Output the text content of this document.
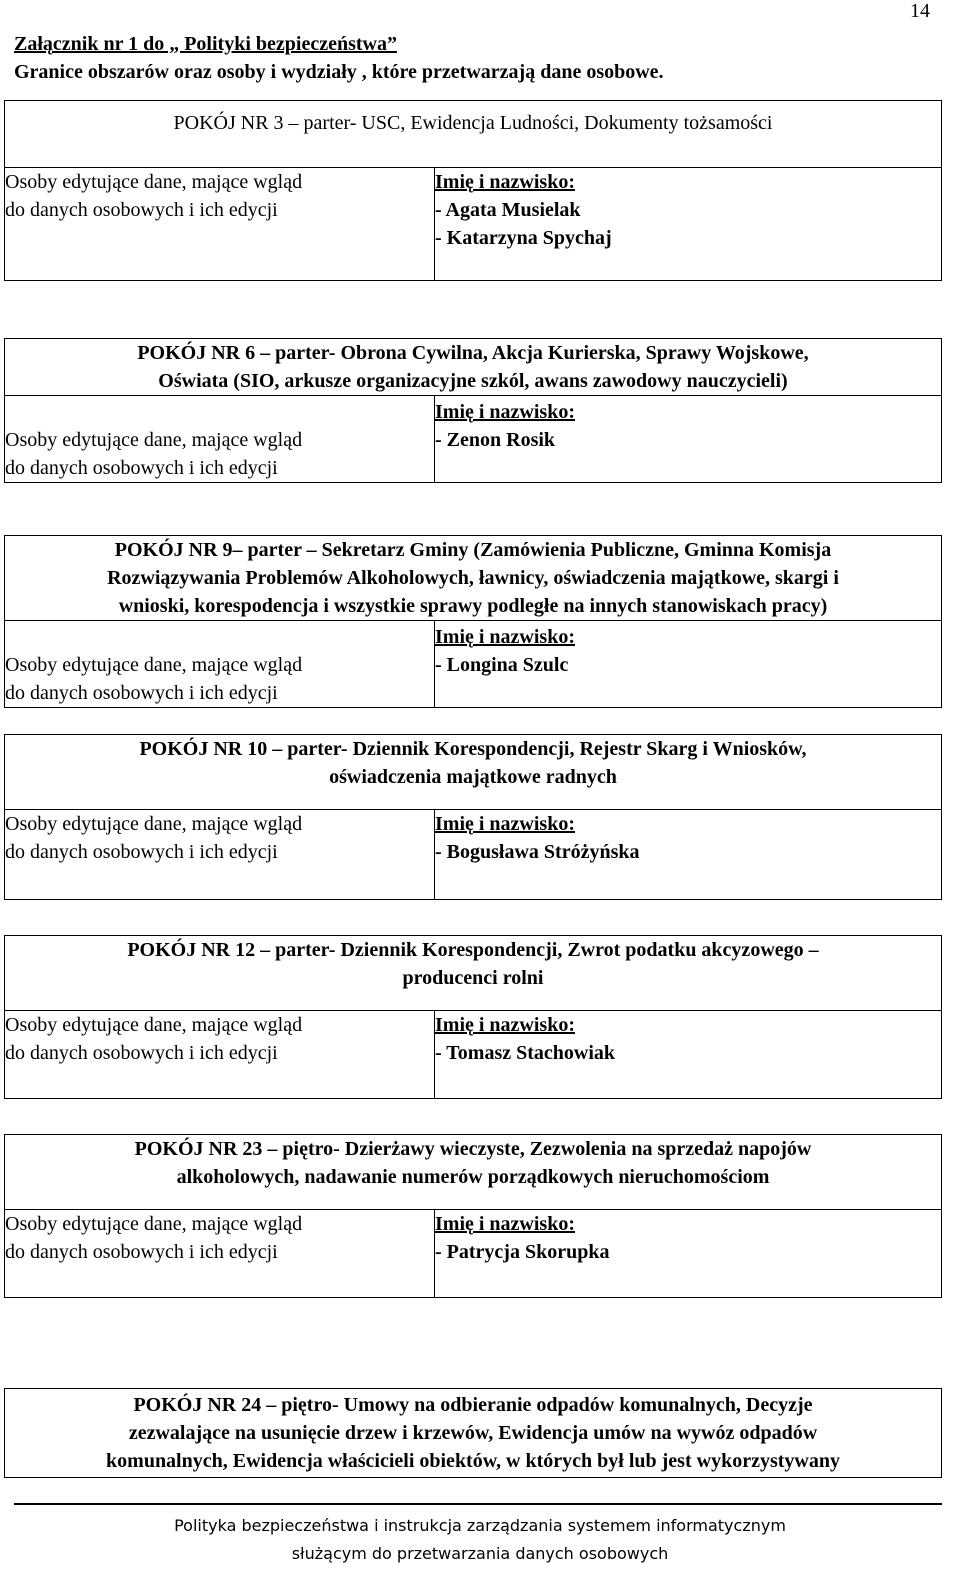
14
Załącznik nr 1 do „ Polityki bezpieczeństwa”
Granice obszarów oraz osoby i wydziały , które przetwarzają dane osobowe.
POKÓJ NR 3 – parter- USC, Ewidencja Ludności, Dokumenty tożsamości

Osoby edytujące dane, mające wgląd
do danych osobowych i ich edycji

Imię i nazwisko:
- Agata Musielak
- Katarzyna Spychaj
POKÓJ NR 6 – parter- Obrona Cywilna, Akcja Kurierska, Sprawy Wojskowe,
Oświata (SIO, arkusze organizacyjne szkól, awans zawodowy nauczycieli)

Osoby edytujące dane, mające wgląd
do danych osobowych i ich edycji

Imię i nazwisko:
- Zenon Rosik
POKÓJ NR 9– parter – Sekretarz Gminy (Zamówienia Publiczne, Gminna Komisja
Rozwiązywania Problemów Alkoholowych, ławnicy, oświadczenia majątkowe, skargi i
wnioski, korespodencja i wszystkie sprawy podległe na innych stanowiskach pracy)

Osoby edytujące dane, mające wgląd
do danych osobowych i ich edycji

Imię i nazwisko:
- Longina Szulc
POKÓJ NR 10 – parter- Dziennik Korespondencji, Rejestr Skarg i Wniosków,
oświadczenia majątkowe radnych

Osoby edytujące dane, mające wgląd
do danych osobowych i ich edycji

Imię i nazwisko:
- Bogusława Stróżyńska
POKÓJ NR 12 – parter- Dziennik Korespondencji, Zwrot podatku akcyzowego –
producenci rolni

Osoby edytujące dane, mające wgląd
do danych osobowych i ich edycji

Imię i nazwisko:
- Tomasz Stachowiak
POKÓJ NR 23 – piętro- Dzierżawy wieczyste, Zezwolenia na sprzedaż napojów
alkoholowych, nadawanie numerów porządkowych nieruchomościom

Osoby edytujące dane, mające wgląd
do danych osobowych i ich edycji

Imię i nazwisko:
- Patrycja Skorupka
POKÓJ NR 24 – piętro- Umowy na odbieranie odpadów komunalnych, Decyzje
zezwalające na usunięcie drzew i krzewów, Ewidencja umów na wywóz odpadów
komunalnych, Ewidencja właścicieli obiektów, w których był lub jest wykorzystywany
Polityka bezpieczeństwa i instrukcja zarządzania systemem informatycznym
służącym do przetwarzania danych osobowych
